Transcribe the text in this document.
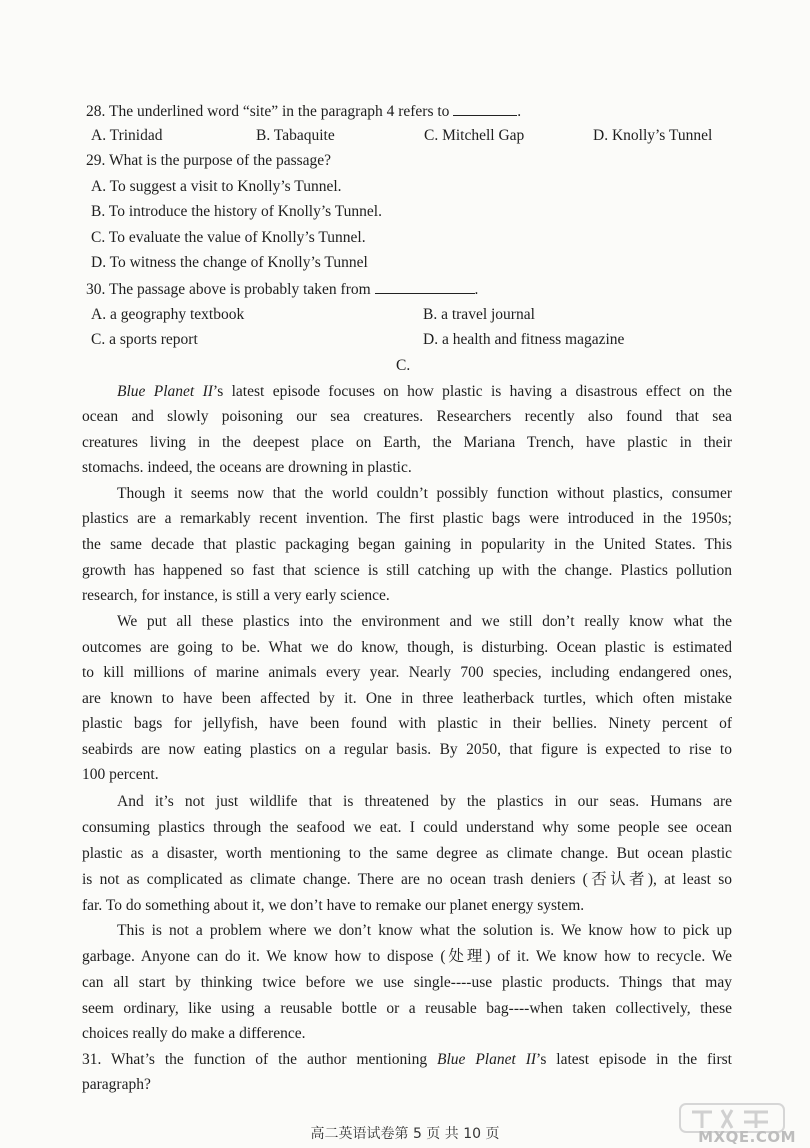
28. The underlined word “site” in the paragraph 4 refers to	.
A. Trinidad	B. Tabaquite	C. Mitchell Gap	D. Knolly’s Tunnel
29. What is the purpose of the passage?
A. To suggest a visit to Knolly’s Tunnel.
B. To introduce the history of Knolly’s Tunnel.
C. To evaluate the value of Knolly’s Tunnel.
D. To witness the change of Knolly’s Tunnel
30. The passage above is probably taken from	.
A. a geography textbook	B. a travel journal
C. a sports report	D. a health and fitness magazine
C.
Blue Planet II’s latest episode focuses on how plastic is having a disastrous effect on the
ocean and slowly poisoning our sea creatures. Researchers recently also found that sea
creatures living in the deepest place on Earth, the Mariana Trench, have plastic in their
stomachs. indeed, the oceans are drowning in plastic.
Though it seems now that the world couldn’t possibly function without plastics, consumer
plastics are a remarkably recent invention. The first plastic bags were introduced in the 1950s;
the same decade that plastic packaging began gaining in popularity in the United States. This
growth has happened so fast that science is still catching up with the change. Plastics pollution
research, for instance, is still a very early science.
We put all these plastics into the environment and we still don’t really know what the
outcomes are going to be. What we do know, though, is disturbing. Ocean plastic is estimated
to kill millions of marine animals every year. Nearly 700 species, including endangered ones,
are known to have been affected by it. One in three leatherback turtles, which often mistake
plastic bags for jellyfish, have been found with plastic in their bellies. Ninety percent of
seabirds are now eating plastics on a regular basis. By 2050, that figure is expected to rise to
100 percent.
And it’s not just wildlife that is threatened by the plastics in our seas. Humans are
consuming plastics through the seafood we eat. I could understand why some people see ocean
plastic as a disaster, worth mentioning to the same degree as climate change. But ocean plastic
is not as complicated as climate change. There are no ocean trash deniers (否认者), at least so
far. To do something about it, we don’t have to remake our planet energy system.
This is not a problem where we don’t know what the solution is. We know how to pick up
garbage. Anyone can do it. We know how to dispose (处理) of it. We know how to recycle. We
can all start by thinking twice before we use single----use plastic products. Things that may
seem ordinary, like using a reusable bottle or a reusable bag----when taken collectively, these
choices really do make a difference.
31. What’s the function of the author mentioning Blue Planet II’s latest episode in the first
paragraph?
高二英语试卷第 5 页 共 10 页	MXQE.COM
